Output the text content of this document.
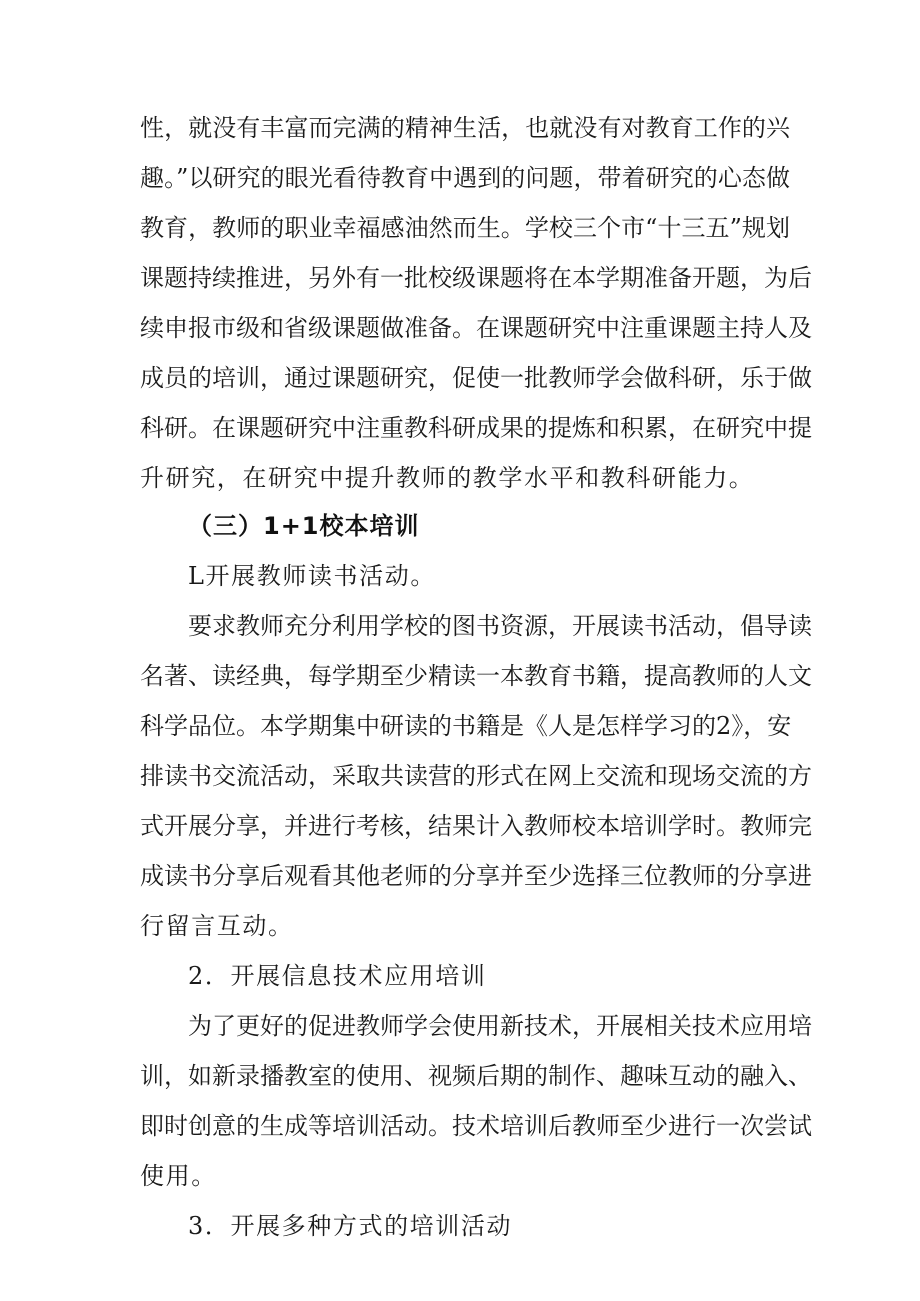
性，就没有丰富而完满的精神生活，也就没有对教育工作的兴
趣。”以研究的眼光看待教育中遇到的问题，带着研究的心态做
教育，教师的职业幸福感油然而生。学校三个市“十三五”规划
课题持续推进，另外有一批校级课题将在本学期准备开题，为后
续申报市级和省级课题做准备。在课题研究中注重课题主持人及
成员的培训，通过课题研究，促使一批教师学会做科研，乐于做
科研。在课题研究中注重教科研成果的提炼和积累，在研究中提
升研究，在研究中提升教师的教学水平和教科研能力。
（三）1+1校本培训
L开展教师读书活动。
要求教师充分利用学校的图书资源，开展读书活动，倡导读
名著、读经典，每学期至少精读一本教育书籍，提高教师的人文
科学品位。本学期集中研读的书籍是《人是怎样学习的2》，安
排读书交流活动，采取共读营的形式在网上交流和现场交流的方
式开展分享，并进行考核，结果计入教师校本培训学时。教师完
成读书分享后观看其他老师的分享并至少选择三位教师的分享进
行留言互动。
2．开展信息技术应用培训
为了更好的促进教师学会使用新技术，开展相关技术应用培
训，如新录播教室的使用、视频后期的制作、趣味互动的融入、
即时创意的生成等培训活动。技术培训后教师至少进行一次尝试
使用。
3．开展多种方式的培训活动
